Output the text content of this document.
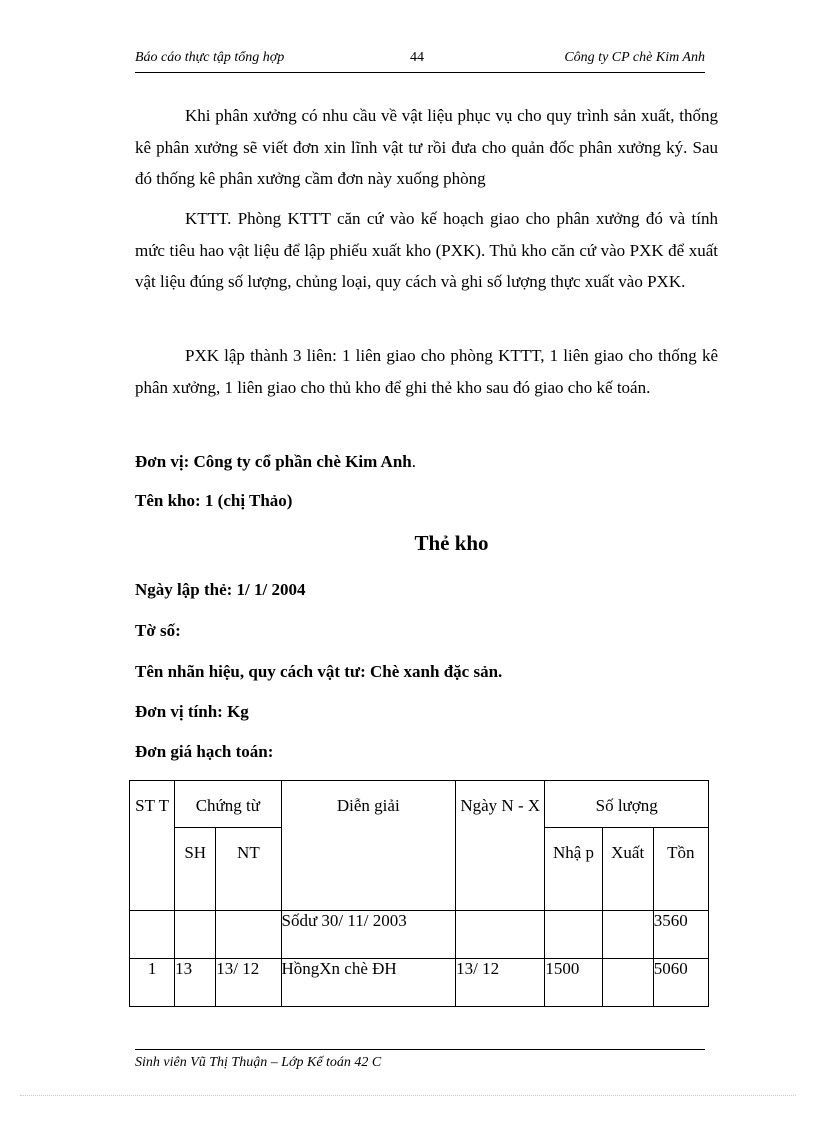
Báo cáo thực tập tổng hợp	44	Công ty CP chè Kim Anh

Khi phân xưởng có nhu cầu về vật liệu phục vụ cho quy trình sản xuất, thống kê phân xưởng sẽ viết đơn xin lĩnh vật tư rồi đưa cho quản đốc phân xưởng ký. Sau đó thống kê phân xưởng cầm đơn này xuống phòng

KTTT. Phòng KTTT căn cứ vào kế hoạch giao cho phân xưởng đó và tính mức tiêu hao vật liệu để lập phiếu xuất kho (PXK). Thủ kho căn cứ vào PXK để xuất vật liệu đúng số lượng, chủng loại, quy cách và ghi số lượng thực xuất vào PXK.

PXK lập thành 3 liên: 1 liên giao cho phòng KTTT, 1 liên giao cho thống kê phân xưởng, 1 liên giao cho thủ kho để ghi thẻ kho sau đó giao cho kế toán.

Đơn vị: Công ty cổ phần chè Kim Anh.

Tên kho: 1 (chị Thảo)

Thẻ kho

Ngày lập thẻ: 1/ 1/ 2004

Tờ số:

Tên nhãn hiệu, quy cách vật tư: Chè xanh đặc sản.

Đơn vị tính: Kg

Đơn giá hạch toán:

ST T	Chứng từ		Diễn giải	Ngày N - X	Số lượng		

	SH	NT			Nhậ p	Xuất	Tồn

			Sốdư 30/ 11/ 2003				3560
1	13	13/ 12	HồngXn chè ĐH	13/ 12	1500		5060
Sinh viên Vũ Thị Thuận – Lớp Kế toán 42 C
